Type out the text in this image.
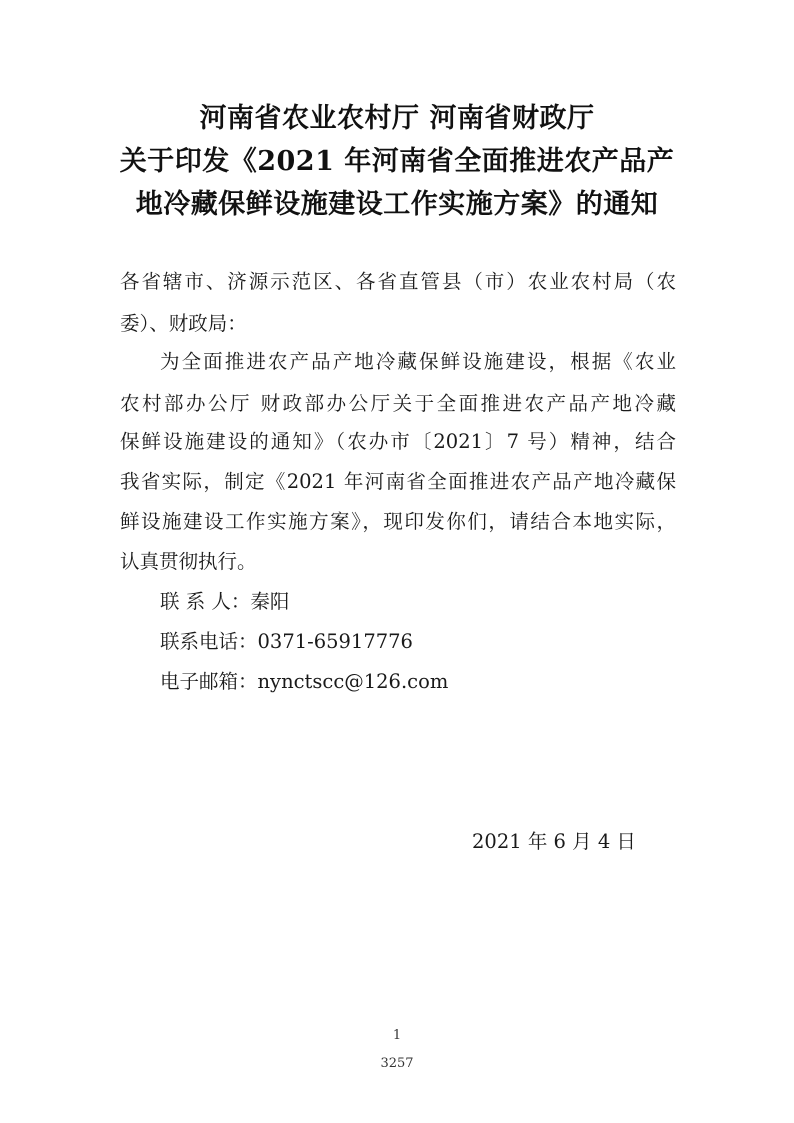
河南省农业农村厅 河南省财政厅
关于印发《2021 年河南省全面推进农产品产
地冷藏保鲜设施建设工作实施方案》的通知
各省辖市、济源示范区、各省直管县（市）农业农村局（农
委）、财政局：
为全面推进农产品产地冷藏保鲜设施建设，根据《农业
农村部办公厅 财政部办公厅关于全面推进农产品产地冷藏
保鲜设施建设的通知》（农办市〔2021〕7 号）精神，结合
我省实际，制定《2021 年河南省全面推进农产品产地冷藏保
鲜设施建设工作实施方案》，现印发你们，请结合本地实际，
认真贯彻执行。
联 系 人：秦阳
联系电话：0371-65917776
电子邮箱：nynctscc@126.com
2021 年 6 月 4 日
1
3257
